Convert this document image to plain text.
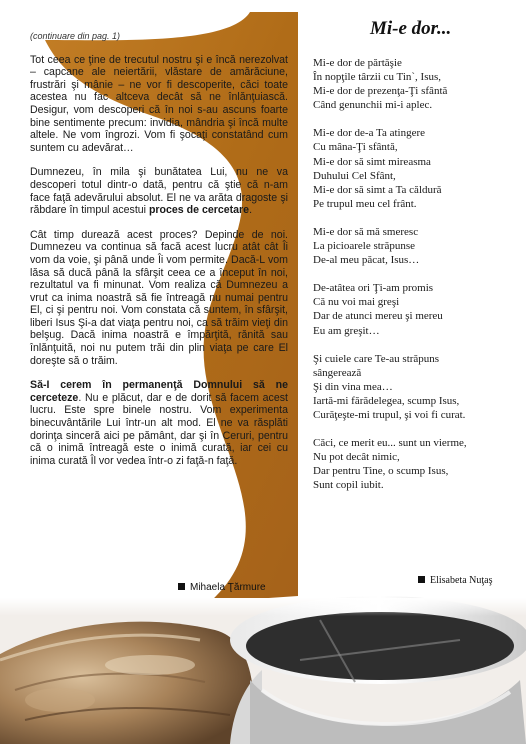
(continuare din pag. 1)

Tot ceea ce ţine de trecutul nostru şi e încă nerezolvat – capcane ale neiertării, vlăstare de amărăciune, frustrări şi mânie – ne vor fi descoperite, căci toate acestea nu fac altceva decât să ne înlănţuiască. Desigur, vom descoperi că în noi s-au ascuns foarte bine sentimente precum: invidia, mândria şi încă multe altele. Ne vom îngrozi. Vom fi şocaţi constatând cum suntem cu adevărat…

Dumnezeu, în mila şi bunătatea Lui, nu ne va descoperi totul dintr-o dată, pentru că ştie că n-am face faţă adevărului absolut. El ne va arăta dragoste şi răbdare în timpul acestui proces de cercetare.

Cât timp durează acest proces? Depinde de noi. Dumnezeu va continua să facă acest lucru atât cât Îi vom da voie, şi până unde Îi vom permite. Dacă-L vom lăsa să ducă până la sfârşit ceea ce a început în noi, rezultatul va fi minunat. Vom realiza că Dumnezeu a vrut ca inima noastră să fie întreagă nu numai pentru El, ci şi pentru noi. Vom constata că suntem, în sfârşit, liberi Isus Şi-a dat viaţa pentru noi, ca să trăim vieţi din belşug. Dacă inima noastră e împărţită, rănită sau înlănţuită, noi nu putem trăi din plin viaţa pe care El doreşte să o trăim.

Să-I cerem în permanenţă Domnului să ne cerceteze. Nu e plăcut, dar e de dorit să facem acest lucru. Este spre binele nostru. Vom experimenta binecuvântările Lui într-un alt mod. El ne va răsplăti dorinţa sinceră aici pe pământ, dar şi în Ceruri, pentru că o inimă întreagă este o inimă curată, iar cei cu inima curată Îl vor vedea într-o zi faţă-n faţă.

Mihaela Ţărmure
Mi-e dor...
Mi-e dor de părtăşie
În nopţile târzii cu Tin`, Isus,
Mi-e dor de prezenţa-Ţi sfântă
Când genunchii mi-i aplec.
Mi-e dor de-a Ta atingere
Cu mâna-Ţi sfântă,
Mi-e dor să simt mireasma
Duhului Cel Sfânt,
Mi-e dor să simt a Ta căldură
Pe trupul meu cel frânt.
Mi-e dor să mă smeresc
La picioarele străpunse
De-al meu păcat, Isus…
De-atâtea ori Ţi-am promis
Că nu voi mai greşi
Dar de atunci mereu şi mereu
Eu am greşit…
Şi cuiele care Te-au străpuns
sângerează
Şi din vina mea…
Iartă-mi fărădelegea, scump Isus,
Curăţeşte-mi trupul, şi voi fi curat.
Căci, ce merit eu... sunt un vierme,
Nu pot decât nimic,
Dar pentru Tine, o scump Isus,
Sunt copil iubit.
Elisabeta Nuţaş
